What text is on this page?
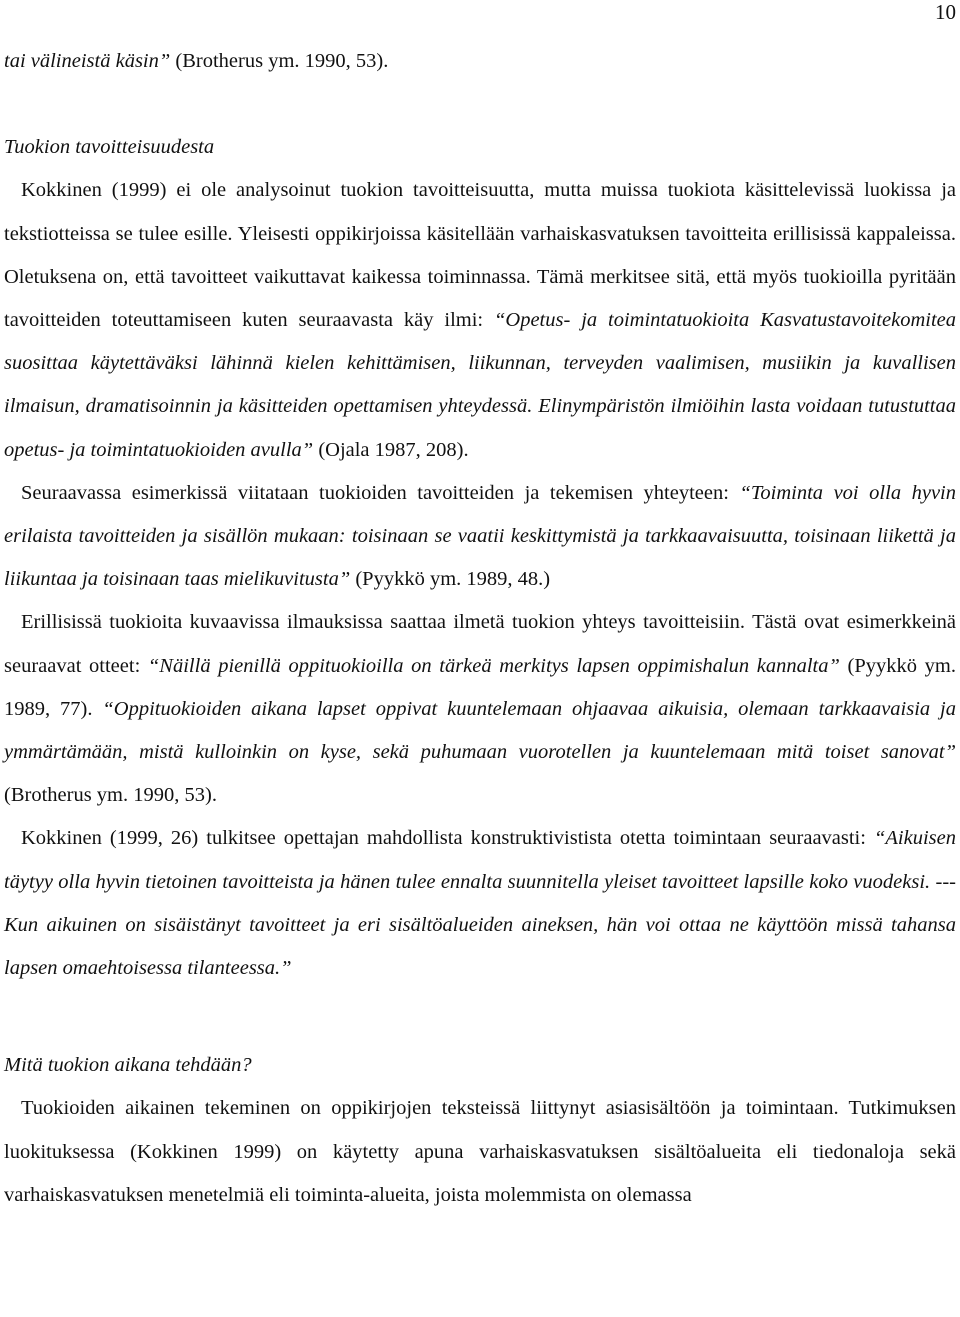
10

tai välineistä käsin” (Brotherus ym. 1990, 53).

Tuokion tavoitteisuudesta

Kokkinen (1999) ei ole analysoinut tuokion tavoitteisuutta, mutta muissa tuokiota käsittelevissä luokissa ja tekstiotteissa se tulee esille. Yleisesti oppikirjoissa käsitellään varhaiskasvatuksen tavoitteita erillisissä kappaleissa. Oletuksena on, että tavoitteet vaikuttavat kaikessa toiminnassa. Tämä merkitsee sitä, että myös tuokioilla pyritään tavoitteiden toteuttamiseen kuten seuraavasta käy ilmi: “Opetus- ja toimintatuokioita Kasvatustavoitekomitea suosittaa käytettäväksi lähinnä kielen kehittämisen, liikunnan, terveyden vaalimisen, musiikin ja kuvallisen ilmaisun, dramatisoinnin ja käsitteiden opettamisen yhteydessä. Elinympäristön ilmiöihin lasta voidaan tutustuttaa opetus- ja toimintatuokioiden avulla” (Ojala 1987, 208).

Seuraavassa esimerkissä viitataan tuokioiden tavoitteiden ja tekemisen yhteyteen: “Toiminta voi olla hyvin erilaista tavoitteiden ja sisällön mukaan: toisinaan se vaatii keskittymistä ja tarkkaavaisuutta, toisinaan liikettä ja liikuntaa ja toisinaan taas mielikuvitusta” (Pyykkö ym. 1989, 48.)

Erillisissä tuokioita kuvaavissa ilmauksissa saattaa ilmetä tuokion yhteys tavoitteisiin. Tästä ovat esimerkkeinä seuraavat otteet: “Näillä pienillä oppituokioilla on tärkeä merkitys lapsen oppimishalun kannalta” (Pyykkö ym. 1989, 77). “Oppituokioiden aikana lapset oppivat kuuntelemaan ohjaavaa aikuisia, olemaan tarkkaavaisia ja ymmärtämään, mistä kulloinkin on kyse, sekä puhumaan vuorotellen ja kuuntelemaan mitä toiset sanovat” (Brotherus ym. 1990, 53).

Kokkinen (1999, 26) tulkitsee opettajan mahdollista konstruktivistista otetta toimintaan seuraavasti: “Aikuisen täytyy olla hyvin tietoinen tavoitteista ja hänen tulee ennalta suunnitella yleiset tavoitteet lapsille koko vuodeksi. --- Kun aikuinen on sisäistänyt tavoitteet ja eri sisältöalueiden aineksen, hän voi ottaa ne käyttöön missä tahansa lapsen omaehtoisessa tilanteessa.”

Mitä tuokion aikana tehdään?

Tuokioiden aikainen tekeminen on oppikirjojen teksteissä liittynyt asiasisältöön ja toimintaan. Tutkimuksen luokituksessa (Kokkinen 1999) on käytetty apuna varhaiskasvatuksen sisältöalueita eli tiedonaloja sekä varhaiskasvatuksen menetelmiä eli toiminta-alueita, joista molemmista on olemassa
